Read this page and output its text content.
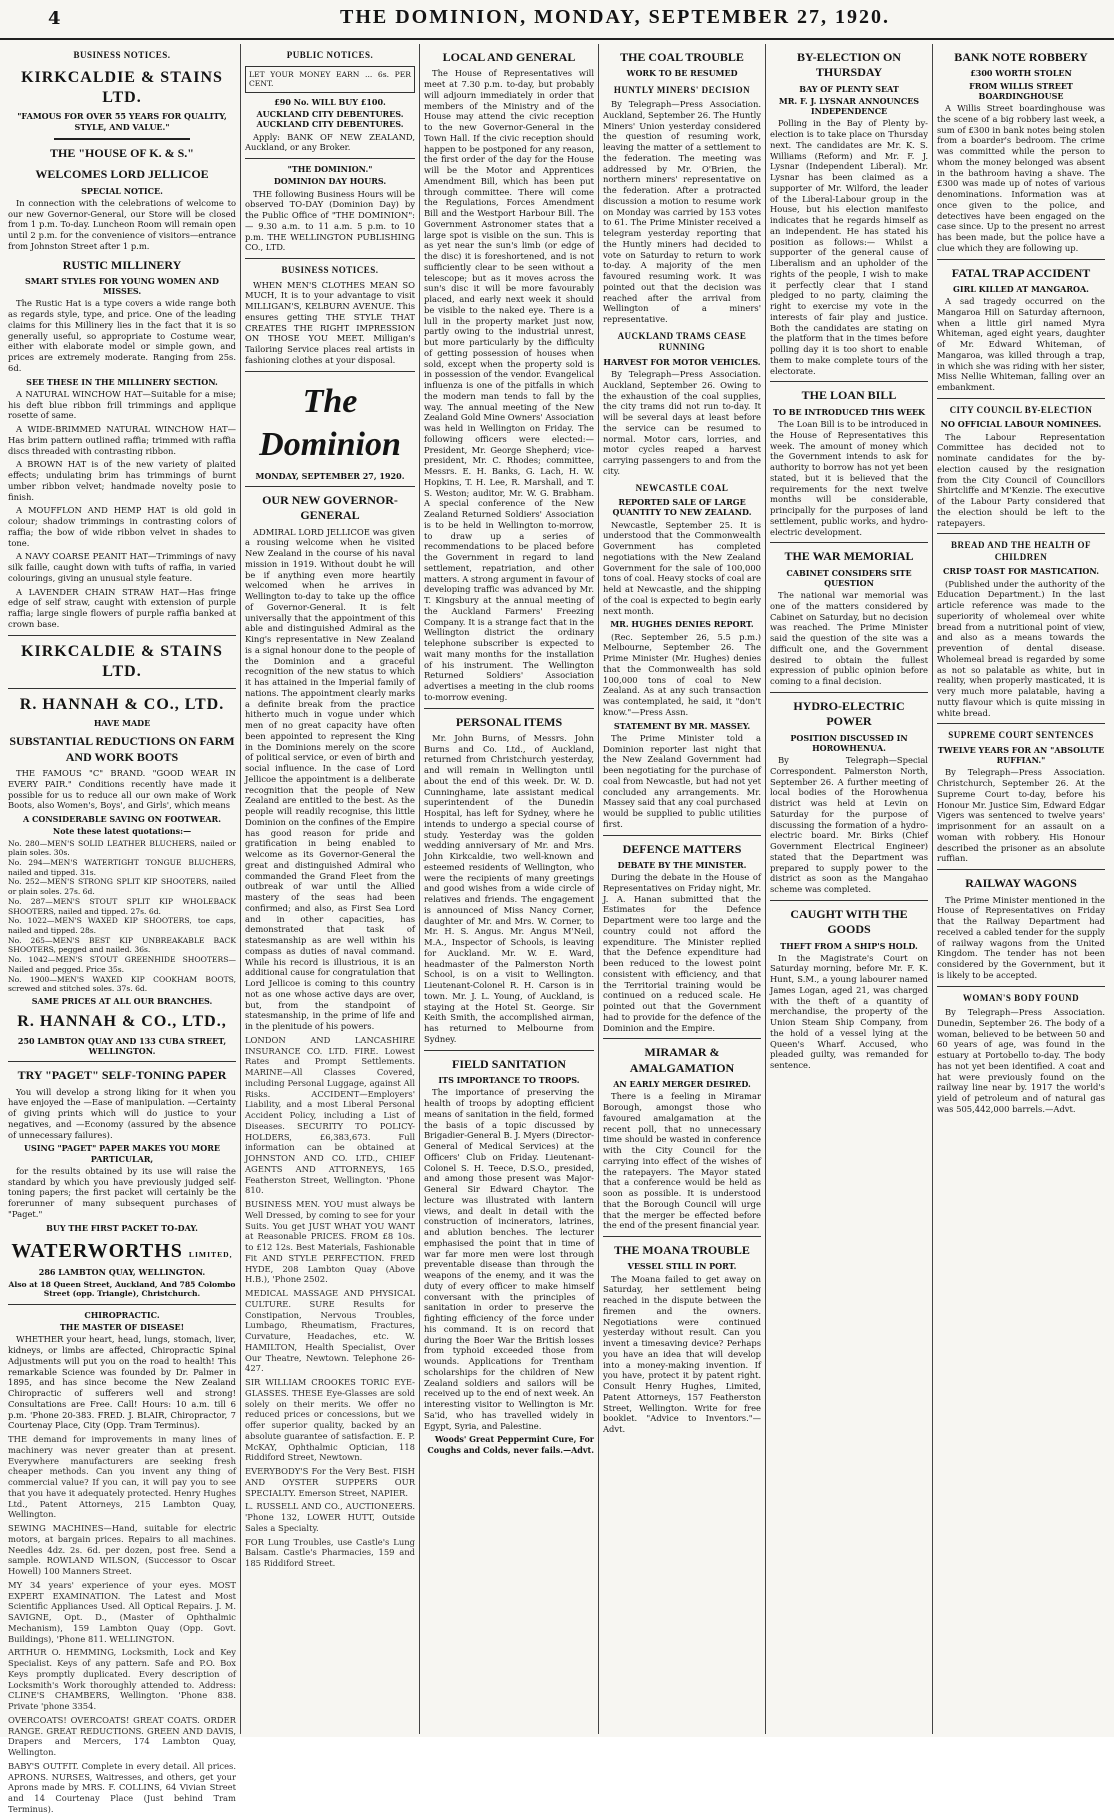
4	THE DOMINION, MONDAY, SEPTEMBER 27, 1920.
BUSINESS NOTICES.
KIRKCALDIE & STAINS LTD.
"FAMOUS FOR OVER 55 YEARS FOR QUALITY, STYLE, AND VALUE."
THE "HOUSE OF K. & S."
WELCOMES LORD JELLICOE
SPECIAL NOTICE.

In connection with the celebrations of welcome to our new Governor-General, our Store will be closed from 1 p.m. To-day. Luncheon Room will remain open until 2 p.m. for the convenience of visitors—entrance from Johnston Street after 1 p.m.

RUSTIC MILLINERY
SMART STYLES FOR YOUNG WOMEN AND MISSES.

The Rustic Hat is a type covers a wide range both as regards style, type, and price. One of the leading claims for this Millinery lies in the fact that it is so generally useful, so appropriate to Costume wear, either with elaborate model or simple gown, and prices are extremely moderate. Ranging from 25s. 6d.

SEE THESE IN THE MILLINERY SECTION.

A NATURAL WINCHOW HAT—Suitable for a mise; his deft blue ribbon frill trimmings and applique rosette of same.

A WIDE-BRIMMED NATURAL WINCHOW HAT—Has brim pattern outlined raffia; trimmed with raffia discs threaded with contrasting ribbon.

A BROWN HAT is of the new variety of plaited effects; undulating brim has trimmings of burnt umber ribbon velvet; handmade novelty posie to finish.

A MOUFFLON AND HEMP HAT is old gold in colour; shadow trimmings in contrasting colors of raffia; the bow of wide ribbon velvet in shades to tone.

A NAVY COARSE PEANIT HAT—Trimmings of navy silk faille, caught down with tufts of raffia, in varied colourings, giving an unusual style feature.

A LAVENDER CHAIN STRAW HAT—Has fringe edge of self straw, caught with extension of purple raffia; large single flowers of purple raffia banked at crown base.

KIRKCALDIE & STAINS LTD.
R. HANNAH & CO., LTD.
HAVE MADE
SUBSTANTIAL REDUCTIONS ON FARM AND WORK BOOTS

THE FAMOUS "C" BRAND. "GOOD WEAR IN EVERY PAIR." Conditions recently have made it possible for us to reduce all our own make of Work Boots, also Women's, Boys', and Girls', which means

A CONSIDERABLE SAVING ON FOOTWEAR.
Note these latest quotations:—
No. 280—MEN'S SOLID LEATHER BLUCHERS, nailed or plain soles. 30s.
No. 294—MEN'S WATERTIGHT TONGUE BLUCHERS, nailed and tipped. 31s.
No. 252—MEN'S STRONG SPLIT KIP SHOOTERS, nailed or plain soles. 27s. 6d.
No. 287—MEN'S STOUT SPLIT KIP WHOLEBACK SHOOTERS, nailed and tipped. 27s. 6d.
No. 1022—MEN'S WAXED KIP SHOOTERS, toe caps, nailed and tipped. 28s.
No. 265—MEN'S BEST KIP UNBREAKABLE BACK SHOOTERS, pegged and nailed. 36s.
No. 1042—MEN'S STOUT GREENHIDE SHOOTERS—Nailed and pegged. Price 35s.
No. 1900—MEN'S WAXED KIP COOKHAM BOOTS, screwed and stitched soles. 37s. 6d.
SAME PRICES AT ALL OUR BRANCHES.
R. HANNAH & CO., LTD.,
250 LAMBTON QUAY AND 133 CUBA STREET, WELLINGTON.
TRY "PAGET" SELF-TONING PAPER

You will develop a strong liking for it when you have enjoyed the —Ease of manipulation. —Certainty of giving prints which will do justice to your negatives, and —Economy (assured by the absence of unnecessary failures).

USING "PAGET" PAPER MAKES YOU MORE PARTICULAR,

for the results obtained by its use will raise the standard by which you have previously judged self-toning papers; the first packet will certainly be the forerunner of many subsequent purchases of "Paget."

BUY THE FIRST PACKET TO-DAY.
WATERWORTHS LIMITED,
286 LAMBTON QUAY, WELLINGTON.
Also at 18 Queen Street, Auckland, And 785 Colombo Street (opp. Triangle), Christchurch.
CHIROPRACTIC.
THE MASTER OF DISEASE!

WHETHER your heart, head, lungs, stomach, liver, kidneys, or limbs are affected, Chiropractic Spinal Adjustments will put you on the road to health! This remarkable Science was founded by Dr. Palmer in 1895, and has since become the New Zealand Chiropractic of sufferers well and strong! Consultations are Free. Call! Hours: 10 a.m. till 6 p.m. 'Phone 20-383. FRED. J. BLAIR, Chiropractor, 7 Courtenay Place, City (Opp. Tram Terminus).

THE demand for improvements in many lines of machinery was never greater than at present. Everywhere manufacturers are seeking fresh cheaper methods. Can you invent any thing of commercial value? If you can, it will pay you to see that you have it adequately protected. Henry Hughes Ltd., Patent Attorneys, 215 Lambton Quay, Wellington.
SEWING MACHINES—Hand, suitable for electric motors, at bargain prices. Repairs to all machines. Needles 4dz. 2s. 6d. per dozen, post free. Send a sample. ROWLAND WILSON, (Successor to Oscar Howell) 100 Manners Street.
MY 34 years' experience of your eyes. MOST EXPERT EXAMINATION. The Latest and Most Scientific Appliances Used. All Optical Repairs. J. M. SAVIGNE, Opt. D., (Master of Ophthalmic Mechanism), 159 Lambton Quay (Opp. Govt. Buildings), 'Phone 811. WELLINGTON.
ARTHUR O. HEMMING, Locksmith, Lock and Key Specialist. Keys of any pattern. Safe and P.O. Box Keys promptly duplicated. Every description of Locksmith's Work thoroughly attended to. Address: CLINE'S CHAMBERS, Wellington. 'Phone 838. Private 'phone 3354.
OVERCOATS! OVERCOATS! GREAT COATS. ORDER RANGE. GREAT REDUCTIONS. GREEN AND DAVIS, Drapers and Mercers, 174 Lambton Quay, Wellington.
BABY'S OUTFIT. Complete in every detail. All prices. APRONS. NURSES, Waitresses, and others, get your Aprons made by MRS. F. COLLINS, 64 Vivian Street and 14 Courtenay Place (Just behind Tram Terminus).
PUBLIC NOTICES.
LET YOUR MONEY EARN ... 6s. PER CENT.
£90 No. WILL BUY £100.
AUCKLAND CITY DEBENTURES. AUCKLAND CITY DEBENTURES.

Apply: BANK OF NEW ZEALAND, Auckland, or any Broker.

"THE DOMINION."
DOMINION DAY HOURS.

THE following Business Hours will be observed TO-DAY (Dominion Day) by the Public Office of "THE DOMINION":— 9.30 a.m. to 11 a.m. 5 p.m. to 10 p.m. THE WELLINGTON PUBLISHING CO., LTD.

BUSINESS NOTICES.

WHEN MEN'S CLOTHES MEAN SO MUCH, It is to your advantage to visit MILLIGAN'S, KELBURN AVENUE. This ensures getting THE STYLE THAT CREATES THE RIGHT IMPRESSION ON THOSE YOU MEET. Milligan's Tailoring Service places real artists in fashioning clothes at your disposal.

The Dominion
MONDAY, SEPTEMBER 27, 1920.
OUR NEW GOVERNOR-GENERAL

ADMIRAL LORD JELLICOE was given a rousing welcome when he visited New Zealand in the course of his naval mission in 1919. Without doubt he will be if anything even more heartily welcomed when he arrives in Wellington to-day to take up the office of Governor-General. It is felt universally that the appointment of this able and distinguished Admiral as the King's representative in New Zealand is a signal honour done to the people of the Dominion and a graceful recognition of the new status to which it has attained in the Imperial family of nations. The appointment clearly marks a definite break from the practice hitherto much in vogue under which men of no great capacity have often been appointed to represent the King in the Dominions merely on the score of political service, or even of birth and social influence. In the case of Lord Jellicoe the appointment is a deliberate recognition that the people of New Zealand are entitled to the best. As the people will readily recognise, this little Dominion on the confines of the Empire has good reason for pride and gratification in being enabled to welcome as its Governor-General the great and distinguished Admiral who commanded the Grand Fleet from the outbreak of war until the Allied mastery of the seas had been confirmed; and also, as First Sea Lord and in other capacities, has demonstrated that task of statesmanship as are well within his compass as duties of naval command. While his record is illustrious, it is an additional cause for congratulation that Lord Jellicoe is coming to this country not as one whose active days are over, but, from the standpoint of statesmanship, in the prime of life and in the plenitude of his powers.

LONDON AND LANCASHIRE INSURANCE CO. LTD. FIRE. Lowest Rates and Prompt Settlements. MARINE—All Classes Covered, including Personal Luggage, against All Risks. ACCIDENT—Employers' Liability, and a most Liberal Personal Accident Policy, including a List of Diseases. SECURITY TO POLICY-HOLDERS, £6,383,673. Full information can be obtained at JOHNSTON AND CO. LTD., CHIEF AGENTS AND ATTORNEYS, 165 Featherston Street, Wellington. 'Phone 810.
BUSINESS MEN. YOU must always be Well Dressed, by coming to see for your Suits. You get JUST WHAT YOU WANT at Reasonable PRICES. FROM £8 10s. to £12 12s. Best Materials, Fashionable Fit AND STYLE PERFECTION. FRED HYDE, 208 Lambton Quay (Above H.B.), 'Phone 2502.
MEDICAL MASSAGE AND PHYSICAL CULTURE. SURE Results for Constipation, Nervous Troubles, Lumbago, Rheumatism, Fractures, Curvature, Headaches, etc. W. HAMILTON, Health Specialist, Over Our Theatre, Newtown. Telephone 26-427.
SIR WILLIAM CROOKES TORIC EYE-GLASSES. THESE Eye-Glasses are sold solely on their merits. We offer no reduced prices or concessions, but we offer superior quality, backed by an absolute guarantee of satisfaction. E. P. McKAY, Ophthalmic Optician, 118 Riddiford Street, Newtown.
EVERYBODY'S For the Very Best. FISH AND OYSTER SUPPERS OUR SPECIALTY. Emerson Street, NAPIER.
L. RUSSELL AND CO., AUCTIONEERS. 'Phone 132, LOWER HUTT, Outside Sales a Specialty.
FOR Lung Troubles, use Castle's Lung Balsam. Castle's Pharmacies, 159 and 185 Riddiford Street.
LOCAL AND GENERAL

The House of Representatives will meet at 7.30 p.m. to-day, but probably will adjourn immediately in order that members of the Ministry and of the House may attend the civic reception to the new Governor-General in the Town Hall. If the civic reception should happen to be postponed for any reason, the first order of the day for the House will be the Motor and Apprentices Amendment Bill, which has been put through committee. There will come the Regulations, Forces Amendment Bill and the Westport Harbour Bill. The Government Astronomer states that a large spot is visible on the sun. This is as yet near the sun's limb (or edge of the disc) it is foreshortened, and is not sufficiently clear to be seen without a telescope; but as it moves across the sun's disc it will be more favourably placed, and early next week it should be visible to the naked eye. There is a lull in the property market just now, partly owing to the industrial unrest, but more particularly by the difficulty of getting possession of houses when sold, except when the property sold is in possession of the vendor. Evangelical influenza is one of the pitfalls in which the modern man tends to fall by the way. The annual meeting of the New Zealand Gold Mine Owners' Association was held in Wellington on Friday. The following officers were elected:—President, Mr. George Shepherd; vice-president, Mr. C. Rhodes; committee, Messrs. E. H. Banks, G. Lach, H. W. Hopkins, T. H. Lee, R. Marshall, and T. S. Weston; auditor, Mr. W. G. Brabham. A special conference of the New Zealand Returned Soldiers' Association is to be held in Wellington to-morrow, to draw up a series of recommendations to be placed before the Government in regard to land settlement, repatriation, and other matters. A strong argument in favour of developing traffic was advanced by Mr. T. Kingsbury at the annual meeting of the Auckland Farmers' Freezing Company. It is a strange fact that in the Wellington district the ordinary telephone subscriber is expected to wait many months for the installation of his instrument. The Wellington Returned Soldiers' Association advertises a meeting in the club rooms to-morrow evening.

PERSONAL ITEMS

Mr. John Burns, of Messrs. John Burns and Co. Ltd., of Auckland, returned from Christchurch yesterday, and will remain in Wellington until about the end of this week. Dr. W. D. Cunninghame, late assistant medical superintendent of the Dunedin Hospital, has left for Sydney, where he intends to undergo a special course of study. Yesterday was the golden wedding anniversary of Mr. and Mrs. John Kirkcaldie, two well-known and esteemed residents of Wellington, who were the recipients of many greetings and good wishes from a wide circle of relatives and friends. The engagement is announced of Miss Nancy Corner, daughter of Mr. and Mrs. W. Corner, to Mr. H. S. Angus. Mr. Angus M'Neil, M.A., Inspector of Schools, is leaving for Auckland. Mr. W. E. Ward, headmaster of the Palmerston North School, is on a visit to Wellington. Lieutenant-Colonel R. H. Carson is in town. Mr. J. L. Young, of Auckland, is staying at the Hotel St. George. Sir Keith Smith, the accomplished airman, has returned to Melbourne from Sydney.

FIELD SANITATION
ITS IMPORTANCE TO TROOPS.

The importance of preserving the health of troops by adopting efficient means of sanitation in the field, formed the basis of a topic discussed by Brigadier-General B. J. Myers (Director-General of Medical Services) at the Officers' Club on Friday. Lieutenant-Colonel S. H. Teece, D.S.O., presided, and among those present was Major-General Sir Edward Chaytor. The lecture was illustrated with lantern views, and dealt in detail with the construction of incinerators, latrines, and ablution benches. The lecturer emphasised the point that in time of war far more men were lost through preventable disease than through the weapons of the enemy, and it was the duty of every officer to make himself conversant with the principles of sanitation in order to preserve the fighting efficiency of the force under his command. It is on record that during the Boer War the British losses from typhoid exceeded those from wounds. Applications for Trentham scholarships for the children of New Zealand soldiers and sailors will be received up to the end of next week. An interesting visitor to Wellington is Mr. Sa'id, who has travelled widely in Egypt, Syria, and Palestine.

Woods' Great Peppermint Cure, For Coughs and Colds, never fails.—Advt.
THE COAL TROUBLE
WORK TO BE RESUMED
HUNTLY MINERS' DECISION

By Telegraph—Press Association. Auckland, September 26. The Huntly Miners' Union yesterday considered the question of resuming work, leaving the matter of a settlement to the federation. The meeting was addressed by Mr. O'Brien, the northern miners' representative on the federation. After a protracted discussion a motion to resume work on Monday was carried by 153 votes to 61. The Prime Minister received a telegram yesterday reporting that the Huntly miners had decided to vote on Saturday to return to work to-day. A majority of the men favoured resuming work. It was pointed out that the decision was reached after the arrival from Wellington of a miners' representative.

AUCKLAND TRAMS CEASE RUNNING
HARVEST FOR MOTOR VEHICLES.

By Telegraph—Press Association. Auckland, September 26. Owing to the exhaustion of the coal supplies, the city trams did not run to-day. It will be several days at least before the service can be resumed to normal. Motor cars, lorries, and motor cycles reaped a harvest carrying passengers to and from the city.

NEWCASTLE COAL
REPORTED SALE OF LARGE QUANTITY TO NEW ZEALAND.

Newcastle, September 25. It is understood that the Commonwealth Government has completed negotiations with the New Zealand Government for the sale of 100,000 tons of coal. Heavy stocks of coal are held at Newcastle, and the shipping of the coal is expected to begin early next month.

MR. HUGHES DENIES REPORT.

(Rec. September 26, 5.5 p.m.) Melbourne, September 26. The Prime Minister (Mr. Hughes) denies that the Commonwealth has sold 100,000 tons of coal to New Zealand. As at any such transaction was contemplated, he said, it "don't know."—Press Assn.

STATEMENT BY MR. MASSEY.

The Prime Minister told a Dominion reporter last night that the New Zealand Government had been negotiating for the purchase of coal from Newcastle, but had not yet concluded any arrangements. Mr. Massey said that any coal purchased would be supplied to public utilities first.

DEFENCE MATTERS
DEBATE BY THE MINISTER.

During the debate in the House of Representatives on Friday night, Mr. J. A. Hanan submitted that the Estimates for the Defence Department were too large and the country could not afford the expenditure. The Minister replied that the Defence expenditure had been reduced to the lowest point consistent with efficiency, and that the Territorial training would be continued on a reduced scale. He pointed out that the Government had to provide for the defence of the Dominion and the Empire.

MIRAMAR & AMALGAMATION
AN EARLY MERGER DESIRED.

There is a feeling in Miramar Borough, amongst those who favoured amalgamation at the recent poll, that no unnecessary time should be wasted in conference with the City Council for the carrying into effect of the wishes of the ratepayers. The Mayor stated that a conference would be held as soon as possible. It is understood that the Borough Council will urge that the merger be effected before the end of the present financial year.

THE MOANA TROUBLE
VESSEL STILL IN PORT.

The Moana failed to get away on Saturday, her settlement being reached in the dispute between the firemen and the owners. Negotiations were continued yesterday without result. Can you invent a timesaving device? Perhaps you have an idea that will develop into a money-making invention. If you have, protect it by patent right. Consult Henry Hughes, Limited, Patent Attorneys, 157 Featherston Street, Wellington. Write for free booklet. "Advice to Inventors."—Advt.

BY-ELECTION ON THURSDAY
BAY OF PLENTY SEAT
MR. F. J. LYSNAR ANNOUNCES INDEPENDENCE

Polling in the Bay of Plenty by-election is to take place on Thursday next. The candidates are Mr. K. S. Williams (Reform) and Mr. F. J. Lysnar (Independent Liberal). Mr. Lysnar has been claimed as a supporter of Mr. Wilford, the leader of the Liberal-Labour group in the House, but his election manifesto indicates that he regards himself as an independent. He has stated his position as follows:— Whilst a supporter of the general cause of Liberalism and an upholder of the rights of the people, I wish to make it perfectly clear that I stand pledged to no party, claiming the right to exercise my vote in the interests of fair play and justice. Both the candidates are stating on the platform that in the times before polling day it is too short to enable them to make complete tours of the electorate.

THE LOAN BILL
TO BE INTRODUCED THIS WEEK

The Loan Bill is to be introduced in the House of Representatives this week. The amount of money which the Government intends to ask for authority to borrow has not yet been stated, but it is believed that the requirements for the next twelve months will be considerable, principally for the purposes of land settlement, public works, and hydro-electric development.

THE WAR MEMORIAL
CABINET CONSIDERS SITE QUESTION

The national war memorial was one of the matters considered by Cabinet on Saturday, but no decision was reached. The Prime Minister said the question of the site was a difficult one, and the Government desired to obtain the fullest expression of public opinion before coming to a final decision.

HYDRO-ELECTRIC POWER
POSITION DISCUSSED IN HOROWHENUA.

By Telegraph—Special Correspondent. Palmerston North, September 26. A further meeting of local bodies of the Horowhenua district was held at Levin on Saturday for the purpose of discussing the formation of a hydro-electric board. Mr. Birks (Chief Government Electrical Engineer) stated that the Department was prepared to supply power to the district as soon as the Mangahao scheme was completed.

CAUGHT WITH THE GOODS
THEFT FROM A SHIP'S HOLD.

In the Magistrate's Court on Saturday morning, before Mr. F. K. Hunt, S.M., a young labourer named James Logan, aged 21, was charged with the theft of a quantity of merchandise, the property of the Union Steam Ship Company, from the hold of a vessel lying at the Queen's Wharf. Accused, who pleaded guilty, was remanded for sentence.

BANK NOTE ROBBERY
£300 WORTH STOLEN
FROM WILLIS STREET BOARDINGHOUSE

A Willis Street boardinghouse was the scene of a big robbery last week, a sum of £300 in bank notes being stolen from a boarder's bedroom. The crime was committed while the person to whom the money belonged was absent in the bathroom having a shave. The £300 was made up of notes of various denominations. Information was at once given to the police, and detectives have been engaged on the case since. Up to the present no arrest has been made, but the police have a clue which they are following up.

FATAL TRAP ACCIDENT
GIRL KILLED AT MANGAROA.

A sad tragedy occurred on the Mangaroa Hill on Saturday afternoon, when a little girl named Myra Whiteman, aged eight years, daughter of Mr. Edward Whiteman, of Mangaroa, was killed through a trap, in which she was riding with her sister, Miss Nellie Whiteman, falling over an embankment.

CITY COUNCIL BY-ELECTION
NO OFFICIAL LABOUR NOMINEES.

The Labour Representation Committee has decided not to nominate candidates for the by-election caused by the resignation from the City Council of Councillors Shirtcliffe and M'Kenzie. The executive of the Labour Party considered that the election should be left to the ratepayers.

BREAD AND THE HEALTH OF CHILDREN
CRISP TOAST FOR MASTICATION.

(Published under the authority of the Education Department.) In the last article reference was made to the superiority of wholemeal over white bread from a nutritional point of view, and also as a means towards the prevention of dental disease. Wholemeal bread is regarded by some as not so palatable as white, but in reality, when properly masticated, it is very much more palatable, having a nutty flavour which is quite missing in white bread.

SUPREME COURT SENTENCES
TWELVE YEARS FOR AN "ABSOLUTE RUFFIAN."

By Telegraph—Press Association. Christchurch, September 26. At the Supreme Court to-day, before his Honour Mr. Justice Sim, Edward Edgar Vigers was sentenced to twelve years' imprisonment for an assault on a woman with robbery. His Honour described the prisoner as an absolute ruffian.

RAILWAY WAGONS

The Prime Minister mentioned in the House of Representatives on Friday that the Railway Department had received a cabled tender for the supply of railway wagons from the United Kingdom. The tender has not been considered by the Government, but it is likely to be accepted.

WOMAN'S BODY FOUND

By Telegraph—Press Association. Dunedin, September 26. The body of a woman, believed to be between 50 and 60 years of age, was found in the estuary at Portobello to-day. The body has not yet been identified. A coat and hat were previously found on the railway line near by. 1917 the world's yield of petroleum and of natural gas was 505,442,000 barrels.—Advt.
